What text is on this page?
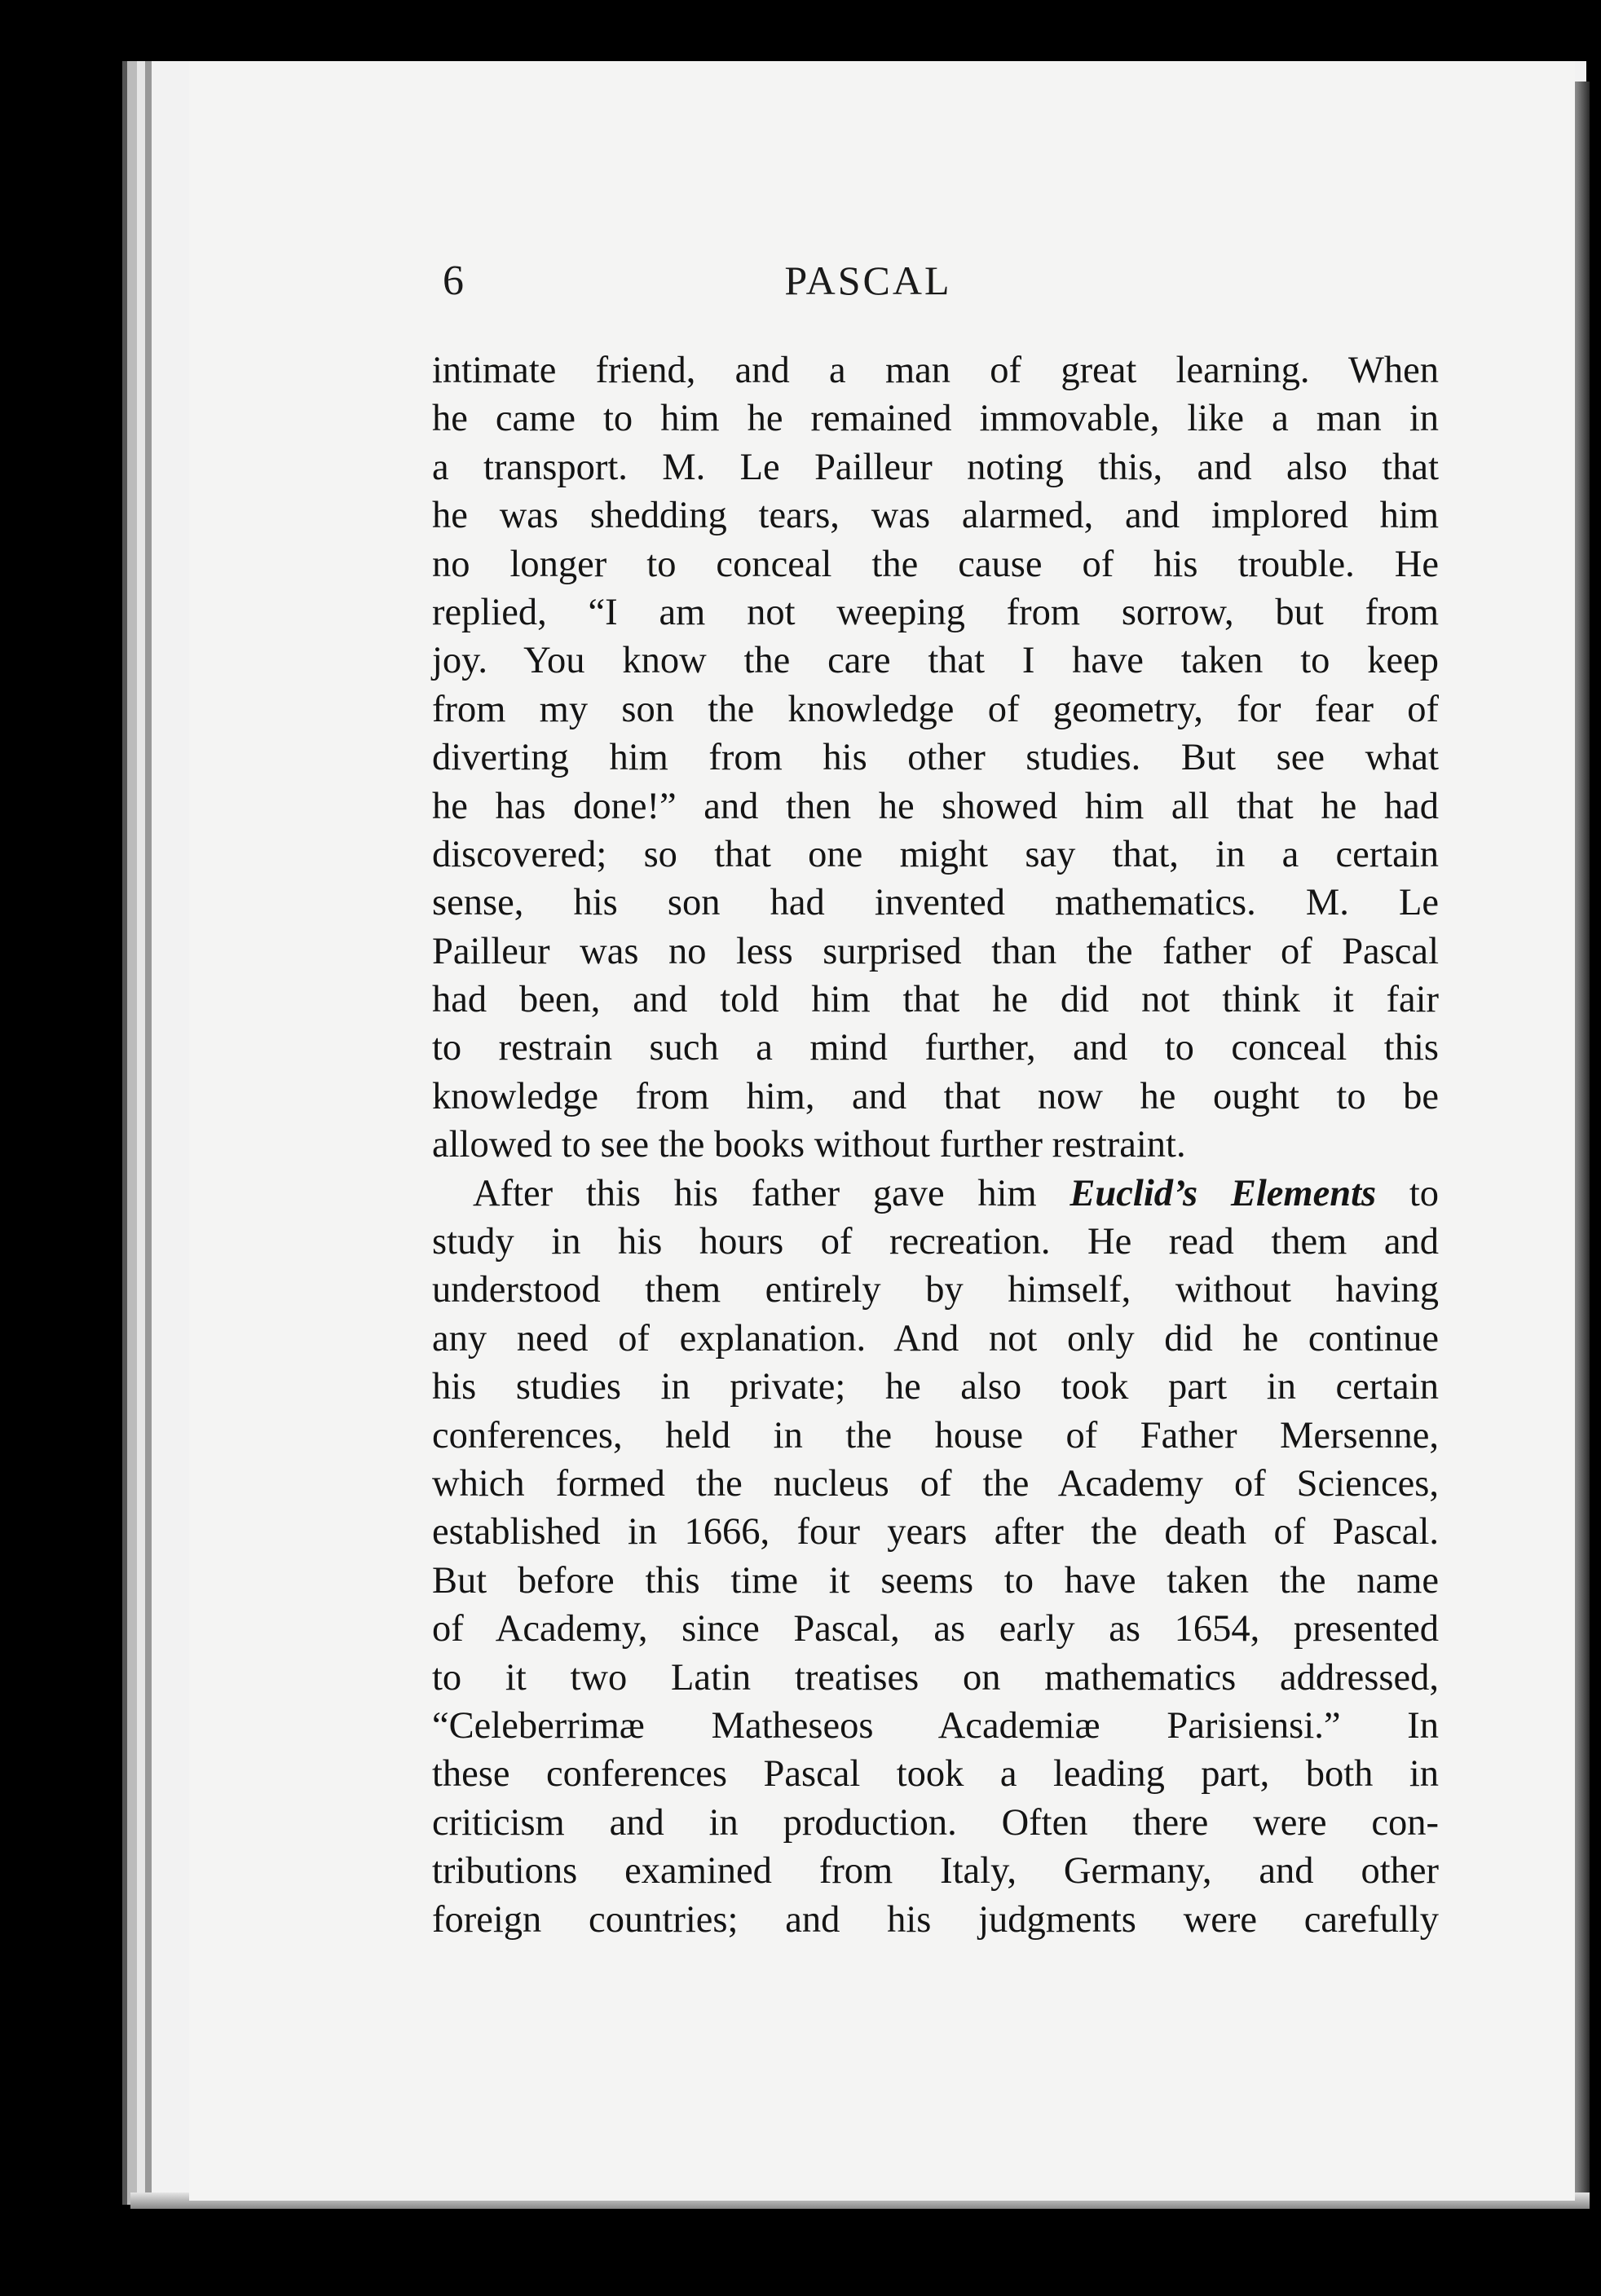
6	PASCAL
intimate friend, and a man of great learning. When
he came to him he remained immovable, like a man in
a transport. M. Le Pailleur noting this, and also that
he was shedding tears, was alarmed, and implored him
no longer to conceal the cause of his trouble. He
replied, “I am not weeping from sorrow, but from
joy. You know the care that I have taken to keep
from my son the knowledge of geometry, for fear of
diverting him from his other studies. But see what
he has done!” and then he showed him all that he had
discovered; so that one might say that, in a certain
sense, his son had invented mathematics. M. Le
Pailleur was no less surprised than the father of Pascal
had been, and told him that he did not think it fair
to restrain such a mind further, and to conceal this
knowledge from him, and that now he ought to be
allowed to see the books without further restraint.
After this his father gave him Euclid’s Elements to
study in his hours of recreation. He read them and
understood them entirely by himself, without having
any need of explanation. And not only did he continue
his studies in private; he also took part in certain
conferences, held in the house of Father Mersenne,
which formed the nucleus of the Academy of Sciences,
established in 1666, four years after the death of Pascal.
But before this time it seems to have taken the name
of Academy, since Pascal, as early as 1654, presented
to it two Latin treatises on mathematics addressed,
“Celeberrimæ Matheseos Academiæ Parisiensi.” In
these conferences Pascal took a leading part, both in
criticism and in production. Often there were con-
tributions examined from Italy, Germany, and other
foreign countries; and his judgments were carefully
